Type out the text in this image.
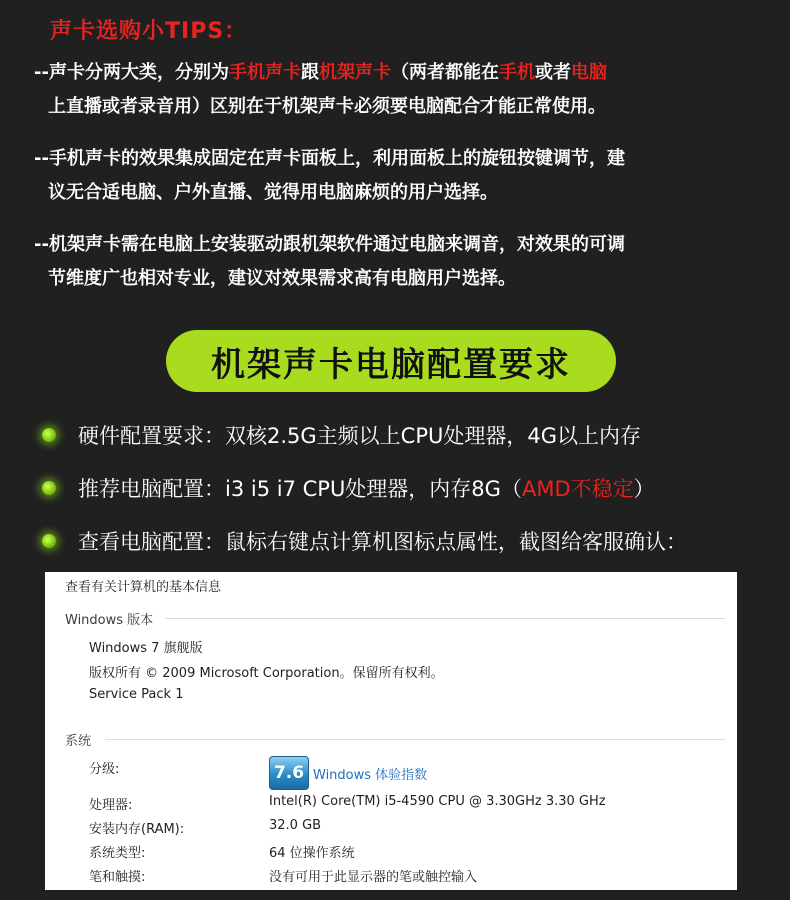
声卡选购小TIPS：
--声卡分两大类，分别为手机声卡跟机架声卡（两者都能在手机或者电脑
上直播或者录音用）区别在于机架声卡必须要电脑配合才能正常使用。
--手机声卡的效果集成固定在声卡面板上，利用面板上的旋钮按键调节，建
议无合适电脑、户外直播、觉得用电脑麻烦的用户选择。
--机架声卡需在电脑上安装驱动跟机架软件通过电脑来调音，对效果的可调
节维度广也相对专业，建议对效果需求高有电脑用户选择。
机架声卡电脑配置要求
硬件配置要求：双核2.5G主频以上CPU处理器，4G以上内存
推荐电脑配置：i3 i5 i7 CPU处理器，内存8G（ AMD不稳定 ）
查看电脑配置：鼠标右键点计算机图标点属性，截图给客服确认：
查看有关计算机的基本信息
Windows 版本
Windows 7 旗舰版
版权所有 © 2009 Microsoft Corporation。保留所有权利。
Service Pack 1
系统
分级:	7.6 Windows 体验指数
处理器:	Intel(R) Core(TM) i5-4590 CPU @ 3.30GHz 3.30 GHz
安装内存(RAM):	32.0 GB
系统类型:	64 位操作系统
笔和触摸:	没有可用于此显示器的笔或触控输入
